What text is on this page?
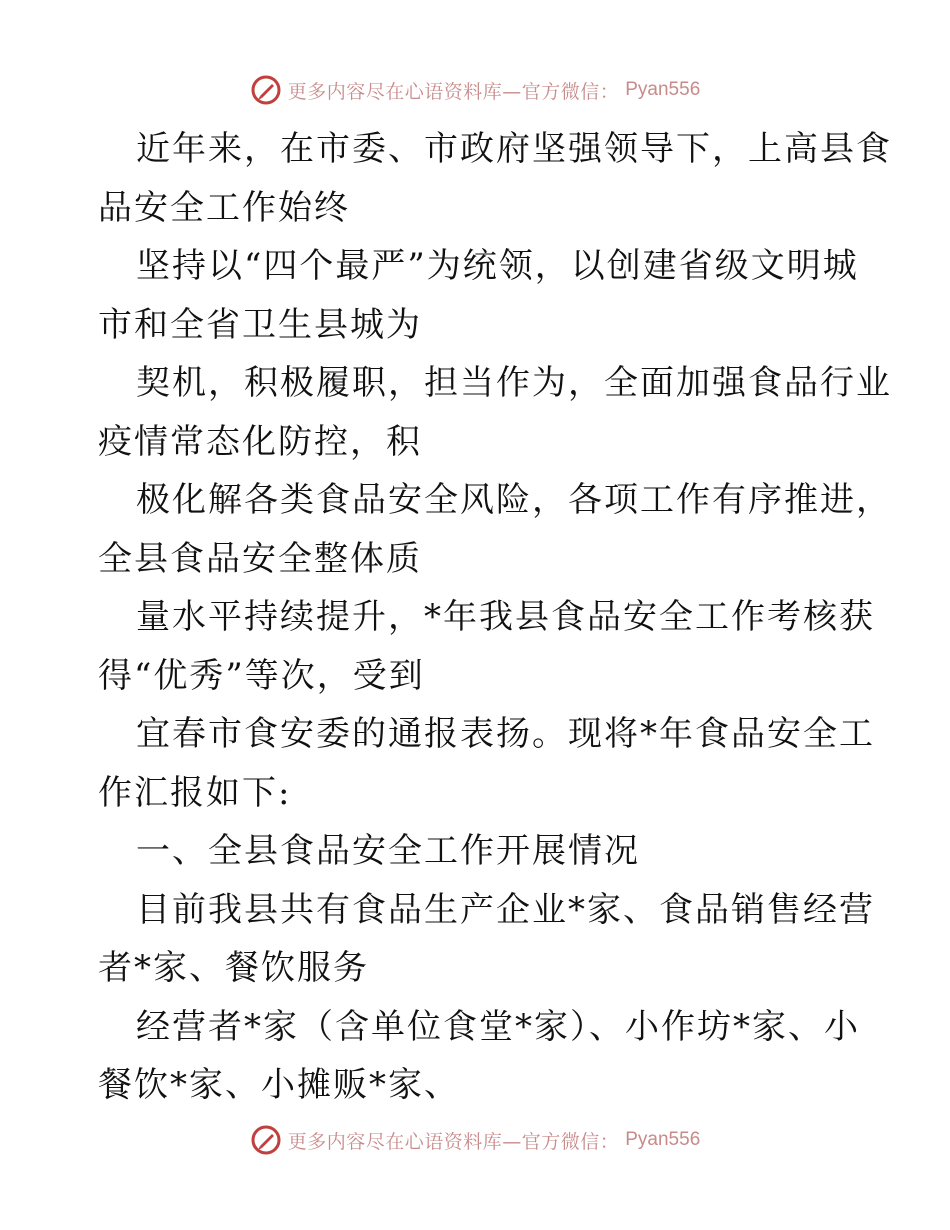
更多内容尽在心语资料库—官方微信： Pyan556
近年来，在市委、市政府坚强领导下，上高县食
品安全工作始终
坚持以“四个最严”为统领，以创建省级文明城
市和全省卫生县城为
契机，积极履职，担当作为，全面加强食品行业
疫情常态化防控，积
极化解各类食品安全风险，各项工作有序推进，
全县食品安全整体质
量水平持续提升，*年我县食品安全工作考核获
得“优秀”等次，受到
宜春市食安委的通报表扬。现将*年食品安全工
作汇报如下:
一、全县食品安全工作开展情况
目前我县共有食品生产企业*家、食品销售经营
者*家、餐饮服务
经营者*家（含单位食堂*家）、小作坊*家、小
餐饮*家、小摊贩*家、
更多内容尽在心语资料库—官方微信： Pyan556
